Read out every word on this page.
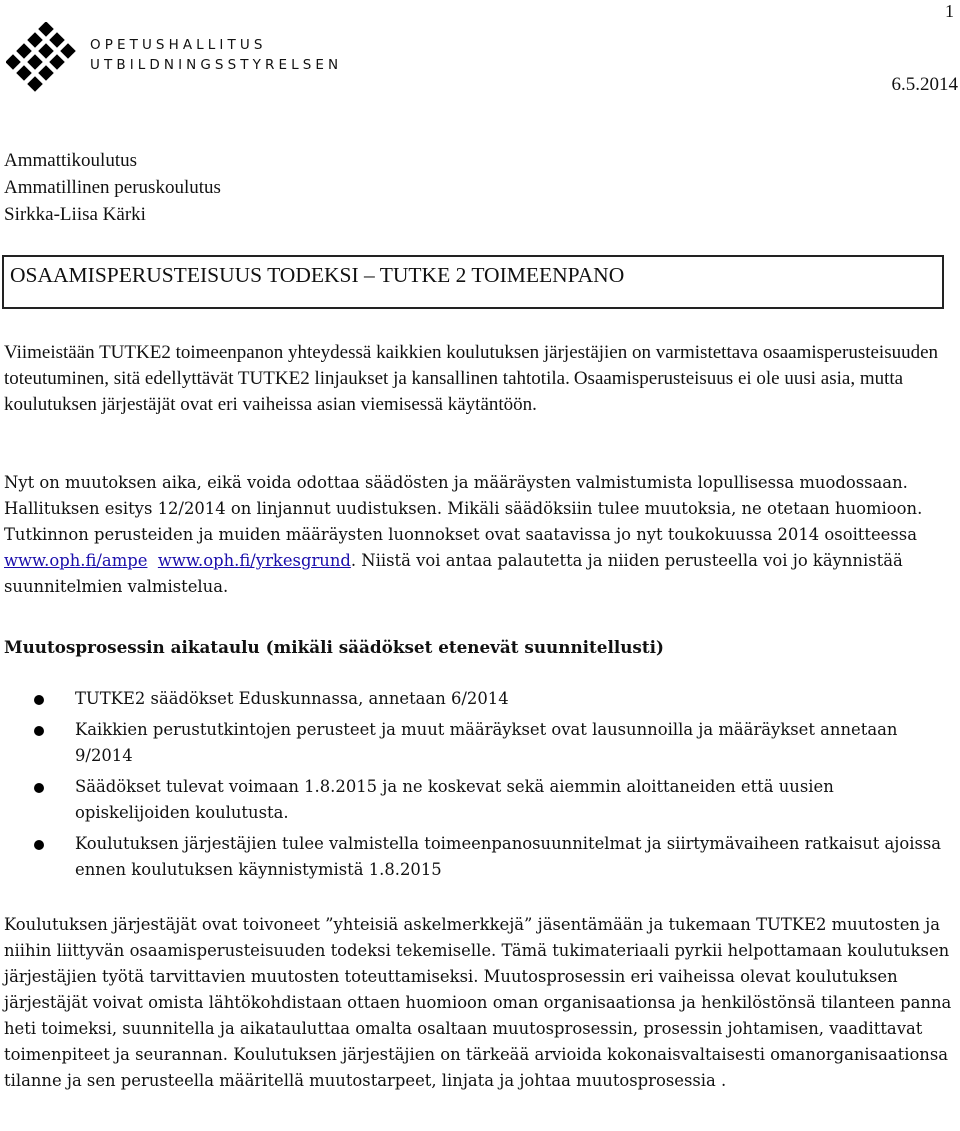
1
OPETUSHALLITUS
UTBILDNINGSSTYRELSEN
6.5.2014
Ammattikoulutus
Ammatillinen peruskoulutus
Sirkka-Liisa Kärki
OSAAMISPERUSTEISUUS TODEKSI – TUTKE 2 TOIMEENPANO

Viimeistään TUTKE2 toimeenpanon yhteydessä kaikkien koulutuksen järjestäjien on varmistettava osaamisperusteisuuden toteutuminen, sitä edellyttävät TUTKE2 linjaukset ja kansallinen tahtotila. Osaamisperusteisuus ei ole uusi asia, mutta koulutuksen järjestäjät ovat eri vaiheissa asian viemisessä käytäntöön.

Nyt on muutoksen aika, eikä voida odottaa säädösten ja määräysten valmistumista lopullisessa muodossaan. Hallituksen esitys 12/2014 on linjannut uudistuksen. Mikäli säädöksiin tulee muutoksia, ne otetaan huomioon. Tutkinnon perusteiden ja muiden määräysten luonnokset ovat saatavissa jo nyt toukokuussa 2014 osoitteessa www.oph.fi/ampe www.oph.fi/yrkesgrund. Niistä voi antaa palautetta ja niiden perusteella voi jo käynnistää suunnitelmien valmistelua.

Muutosprosessin aikataulu (mikäli säädökset etenevät suunnitellusti)
TUTKE2 säädökset Eduskunnassa, annetaan 6/2014
Kaikkien perustutkintojen perusteet ja muut määräykset ovat lausunnoilla ja määräykset annetaan 9/2014
Säädökset tulevat voimaan 1.8.2015 ja ne koskevat sekä aiemmin aloittaneiden että uusien opiskelijoiden koulutusta.
Koulutuksen järjestäjien tulee valmistella toimeenpanosuunnitelmat ja siirtymävaiheen ratkaisut ajoissa ennen koulutuksen käynnistymistä 1.8.2015

Koulutuksen järjestäjät ovat toivoneet ”yhteisiä askelmerkkejä” jäsentämään ja tukemaan TUTKE2 muutosten ja niihin liittyvän osaamisperusteisuuden todeksi tekemiselle. Tämä tukimateriaali pyrkii helpottamaan koulutuksen järjestäjien työtä tarvittavien muutosten toteuttamiseksi. Muutosprosessin eri vaiheissa olevat koulutuksen järjestäjät voivat omista lähtökohdistaan ottaen huomioon oman organisaationsa ja henkilöstönsä tilanteen panna heti toimeksi, suunnitella ja aikatauluttaa omalta osaltaan muutosprosessin, prosessin johtamisen, vaadittavat toimenpiteet ja seurannan. Koulutuksen järjestäjien on tärkeää arvioida kokonaisvaltaisesti omanorganisaationsa tilanne ja sen perusteella määritellä muutostarpeet, linjata ja johtaa muutosprosessia .
